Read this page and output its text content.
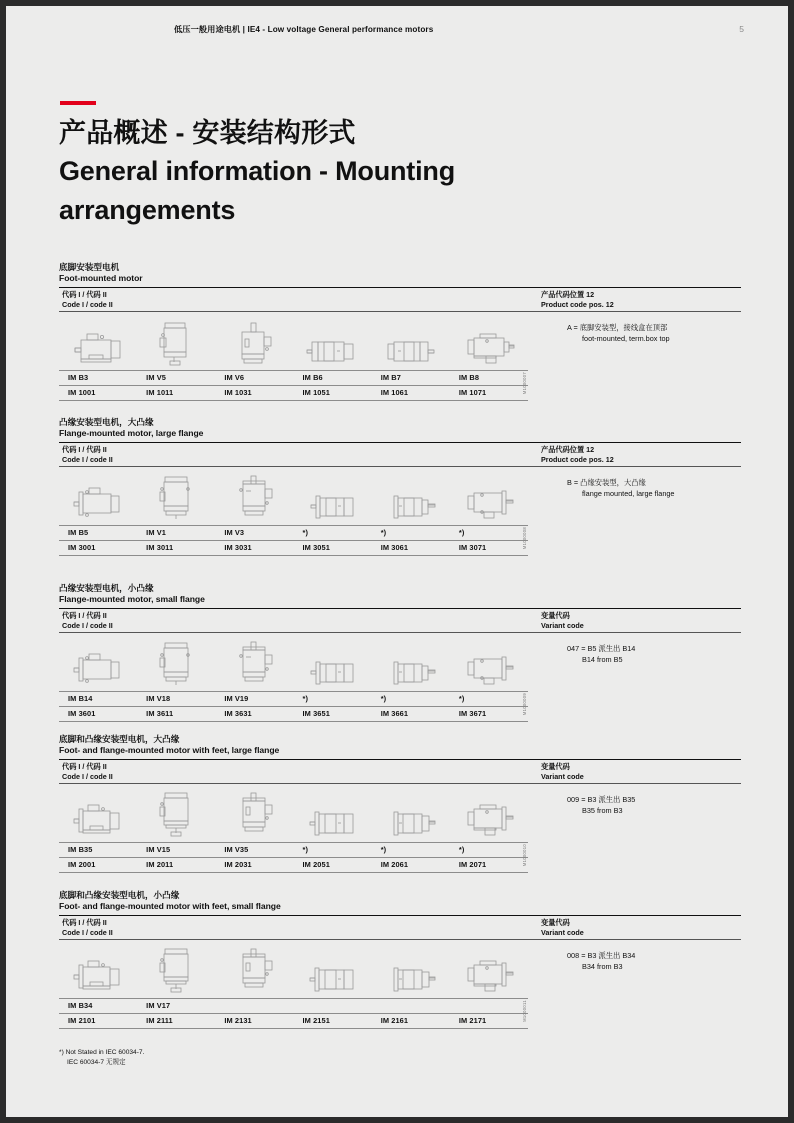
低压一般用途电机 | IE4 - Low voltage General performance motors	5
产品概述 - 安装结构形式
General information - Mounting
arrangements
底脚安装型电机
Foot-mounted motor
代码 I / 代码 II
Code I / code II
产品代码位置 12
Product code pos. 12
M1000007
IM B3	IM V5	IM V6	IM B6	IM B7	IM B8
IM 1001	IM 1011	IM 1031	IM 1051	IM 1061	IM 1071
A = 底脚安装型，接线盒在顶部
foot-mounted, term.box top
凸缘安装型电机，大凸缘
Flange-mounted motor, large flange
代码 I / 代码 II
Code I / code II
产品代码位置 12
Product code pos. 12
M1000008
IM B5	IM V1	IM V3	*)	*)	*)
IM 3001	IM 3011	IM 3031	IM 3051	IM 3061	IM 3071
B = 凸缘安装型，大凸缘
flange mounted, large flange
凸缘安装型电机，小凸缘
Flange-mounted motor, small flange
代码 I / 代码 II
Code I / code II
变量代码
Variant code
M1000009
IM B14	IM V18	IM V19	*)	*)	*)
IM 3601	IM 3611	IM 3631	IM 3651	IM 3661	IM 3671
047 = B5 派生出 B14
B14 from B5
底脚和凸缘安装型电机，大凸缘
Foot- and flange-mounted motor with feet, large flange
代码 I / 代码 II
Code I / code II
变量代码
Variant code
M1000010
IM B35	IM V15	IM V35	*)	*)	*)
IM 2001	IM 2011	IM 2031	IM 2051	IM 2061	IM 2071
009 = B3 派生出 B35
B35 from B3
底脚和凸缘安装型电机，小凸缘
Foot- and flange-mounted motor with feet, small flange
代码 I / 代码 II
Code I / code II
变量代码
Variant code
M1000011
IM B34	IM V17

IM 2101	IM 2111	IM 2131	IM 2151	IM 2161	IM 2171
008 = B3 派生出 B34
B34 from B3
*) Not Stated in IEC 60034-7.
IEC 60034-7 无规定
